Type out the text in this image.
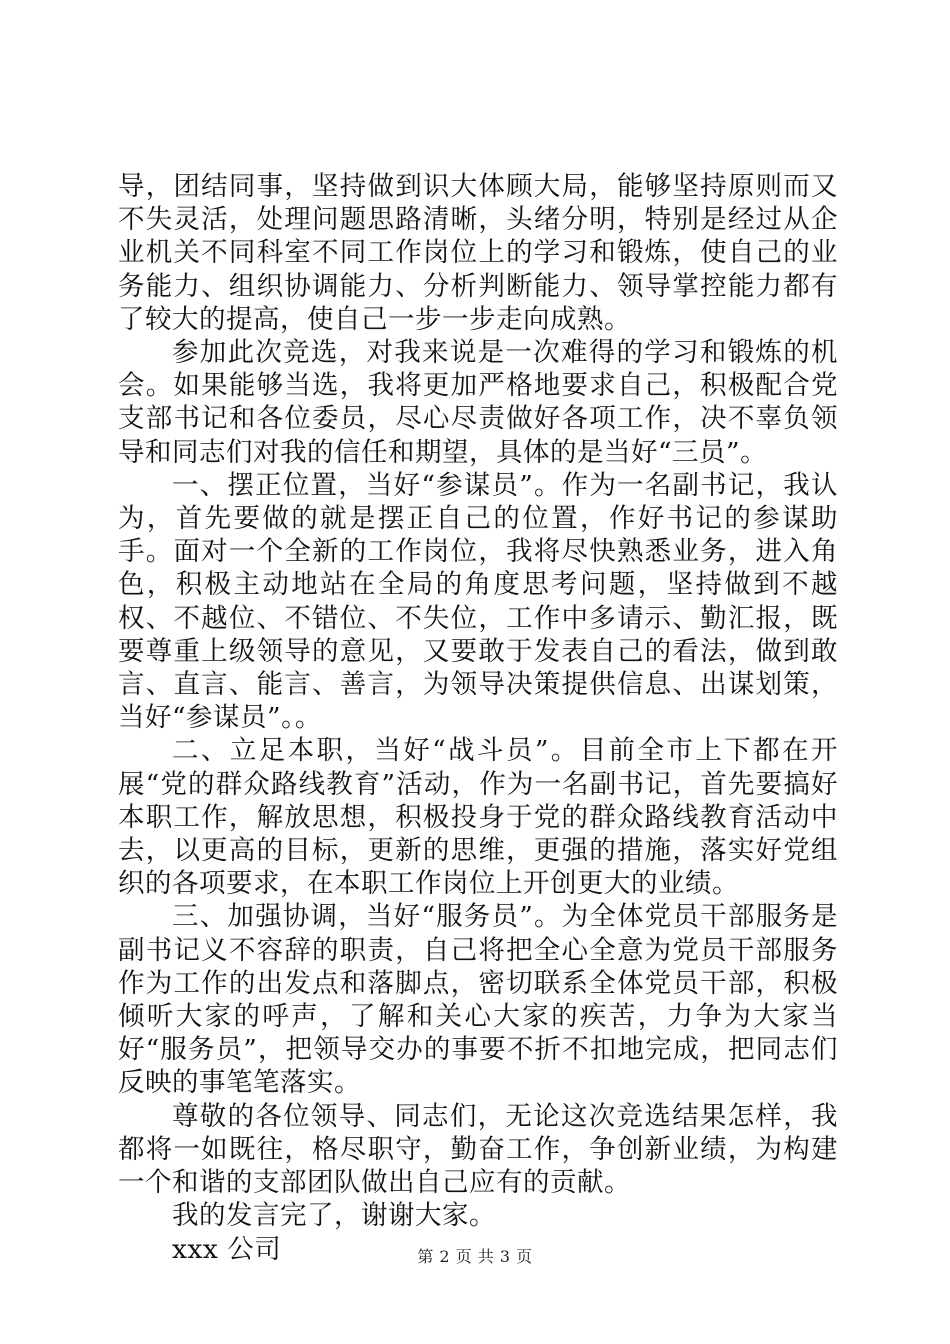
导，团结同事，坚持做到识大体顾大局，能够坚持原则而又不失灵活，处理问题思路清晰，头绪分明，特别是经过从企业机关不同科室不同工作岗位上的学习和锻炼，使自己的业务能力、组织协调能力、分析判断能力、领导掌控能力都有了较大的提高，使自己一步一步走向成熟。

参加此次竞选，对我来说是一次难得的学习和锻炼的机会。如果能够当选，我将更加严格地要求自己，积极配合党支部书记和各位委员，尽心尽责做好各项工作，决不辜负领导和同志们对我的信任和期望，具体的是当好“三员”。

一、摆正位置，当好“参谋员”。作为一名副书记，我认为，首先要做的就是摆正自己的位置，作好书记的参谋助手。面对一个全新的工作岗位，我将尽快熟悉业务，进入角色，积极主动地站在全局的角度思考问题，坚持做到不越权、不越位、不错位、不失位，工作中多请示、勤汇报，既要尊重上级领导的意见，又要敢于发表自己的看法，做到敢言、直言、能言、善言，为领导决策提供信息、出谋划策，当好“参谋员”。。

二、立足本职，当好“战斗员”。目前全市上下都在开展“党的群众路线教育”活动，作为一名副书记，首先要搞好本职工作，解放思想，积极投身于党的群众路线教育活动中去，以更高的目标，更新的思维，更强的措施，落实好党组织的各项要求，在本职工作岗位上开创更大的业绩。

三、加强协调，当好“服务员”。为全体党员干部服务是副书记义不容辞的职责，自己将把全心全意为党员干部服务作为工作的出发点和落脚点，密切联系全体党员干部，积极倾听大家的呼声，了解和关心大家的疾苦，力争为大家当好“服务员”，把领导交办的事要不折不扣地完成，把同志们反映的事笔笔落实。

尊敬的各位领导、同志们，无论这次竞选结果怎样，我都将一如既往，格尽职守，勤奋工作，争创新业绩，为构建一个和谐的支部团队做出自己应有的贡献。

我的发言完了，谢谢大家。

xxx 公司	第 2 页 共 3 页
